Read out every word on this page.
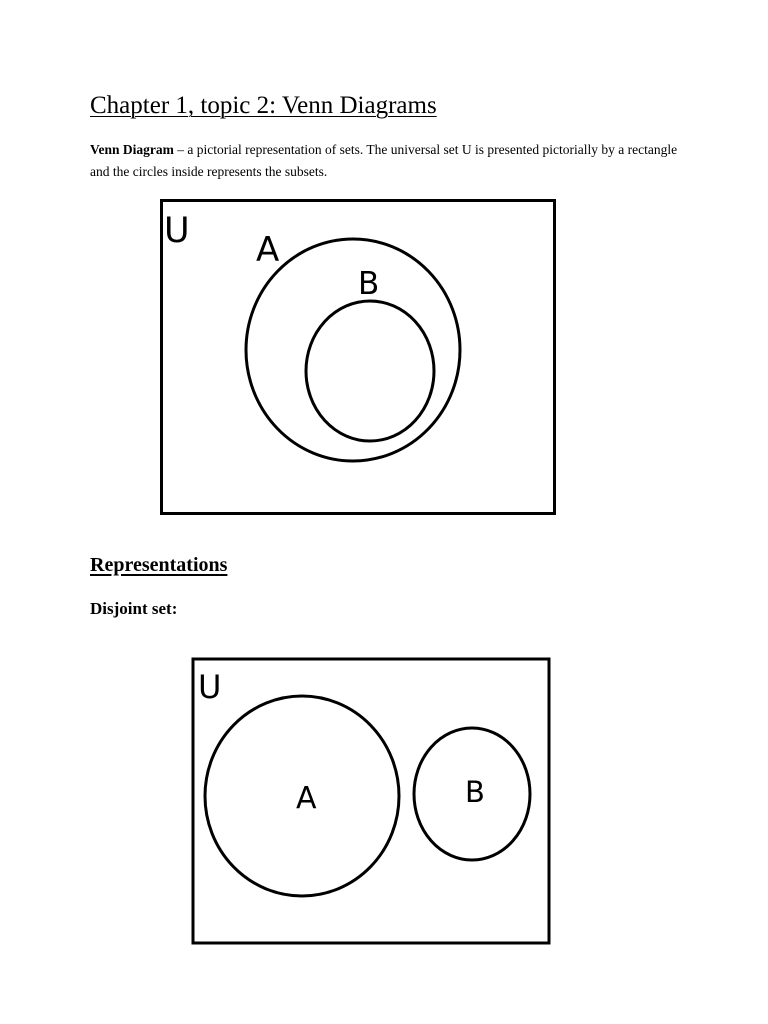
Chapter 1, topic 2: Venn Diagrams
Venn Diagram – a pictorial representation of sets. The universal set U is presented pictorially by a rectangle and the circles inside represents the subsets.
U A
B
Representations
Disjoint set:
U
A	B
